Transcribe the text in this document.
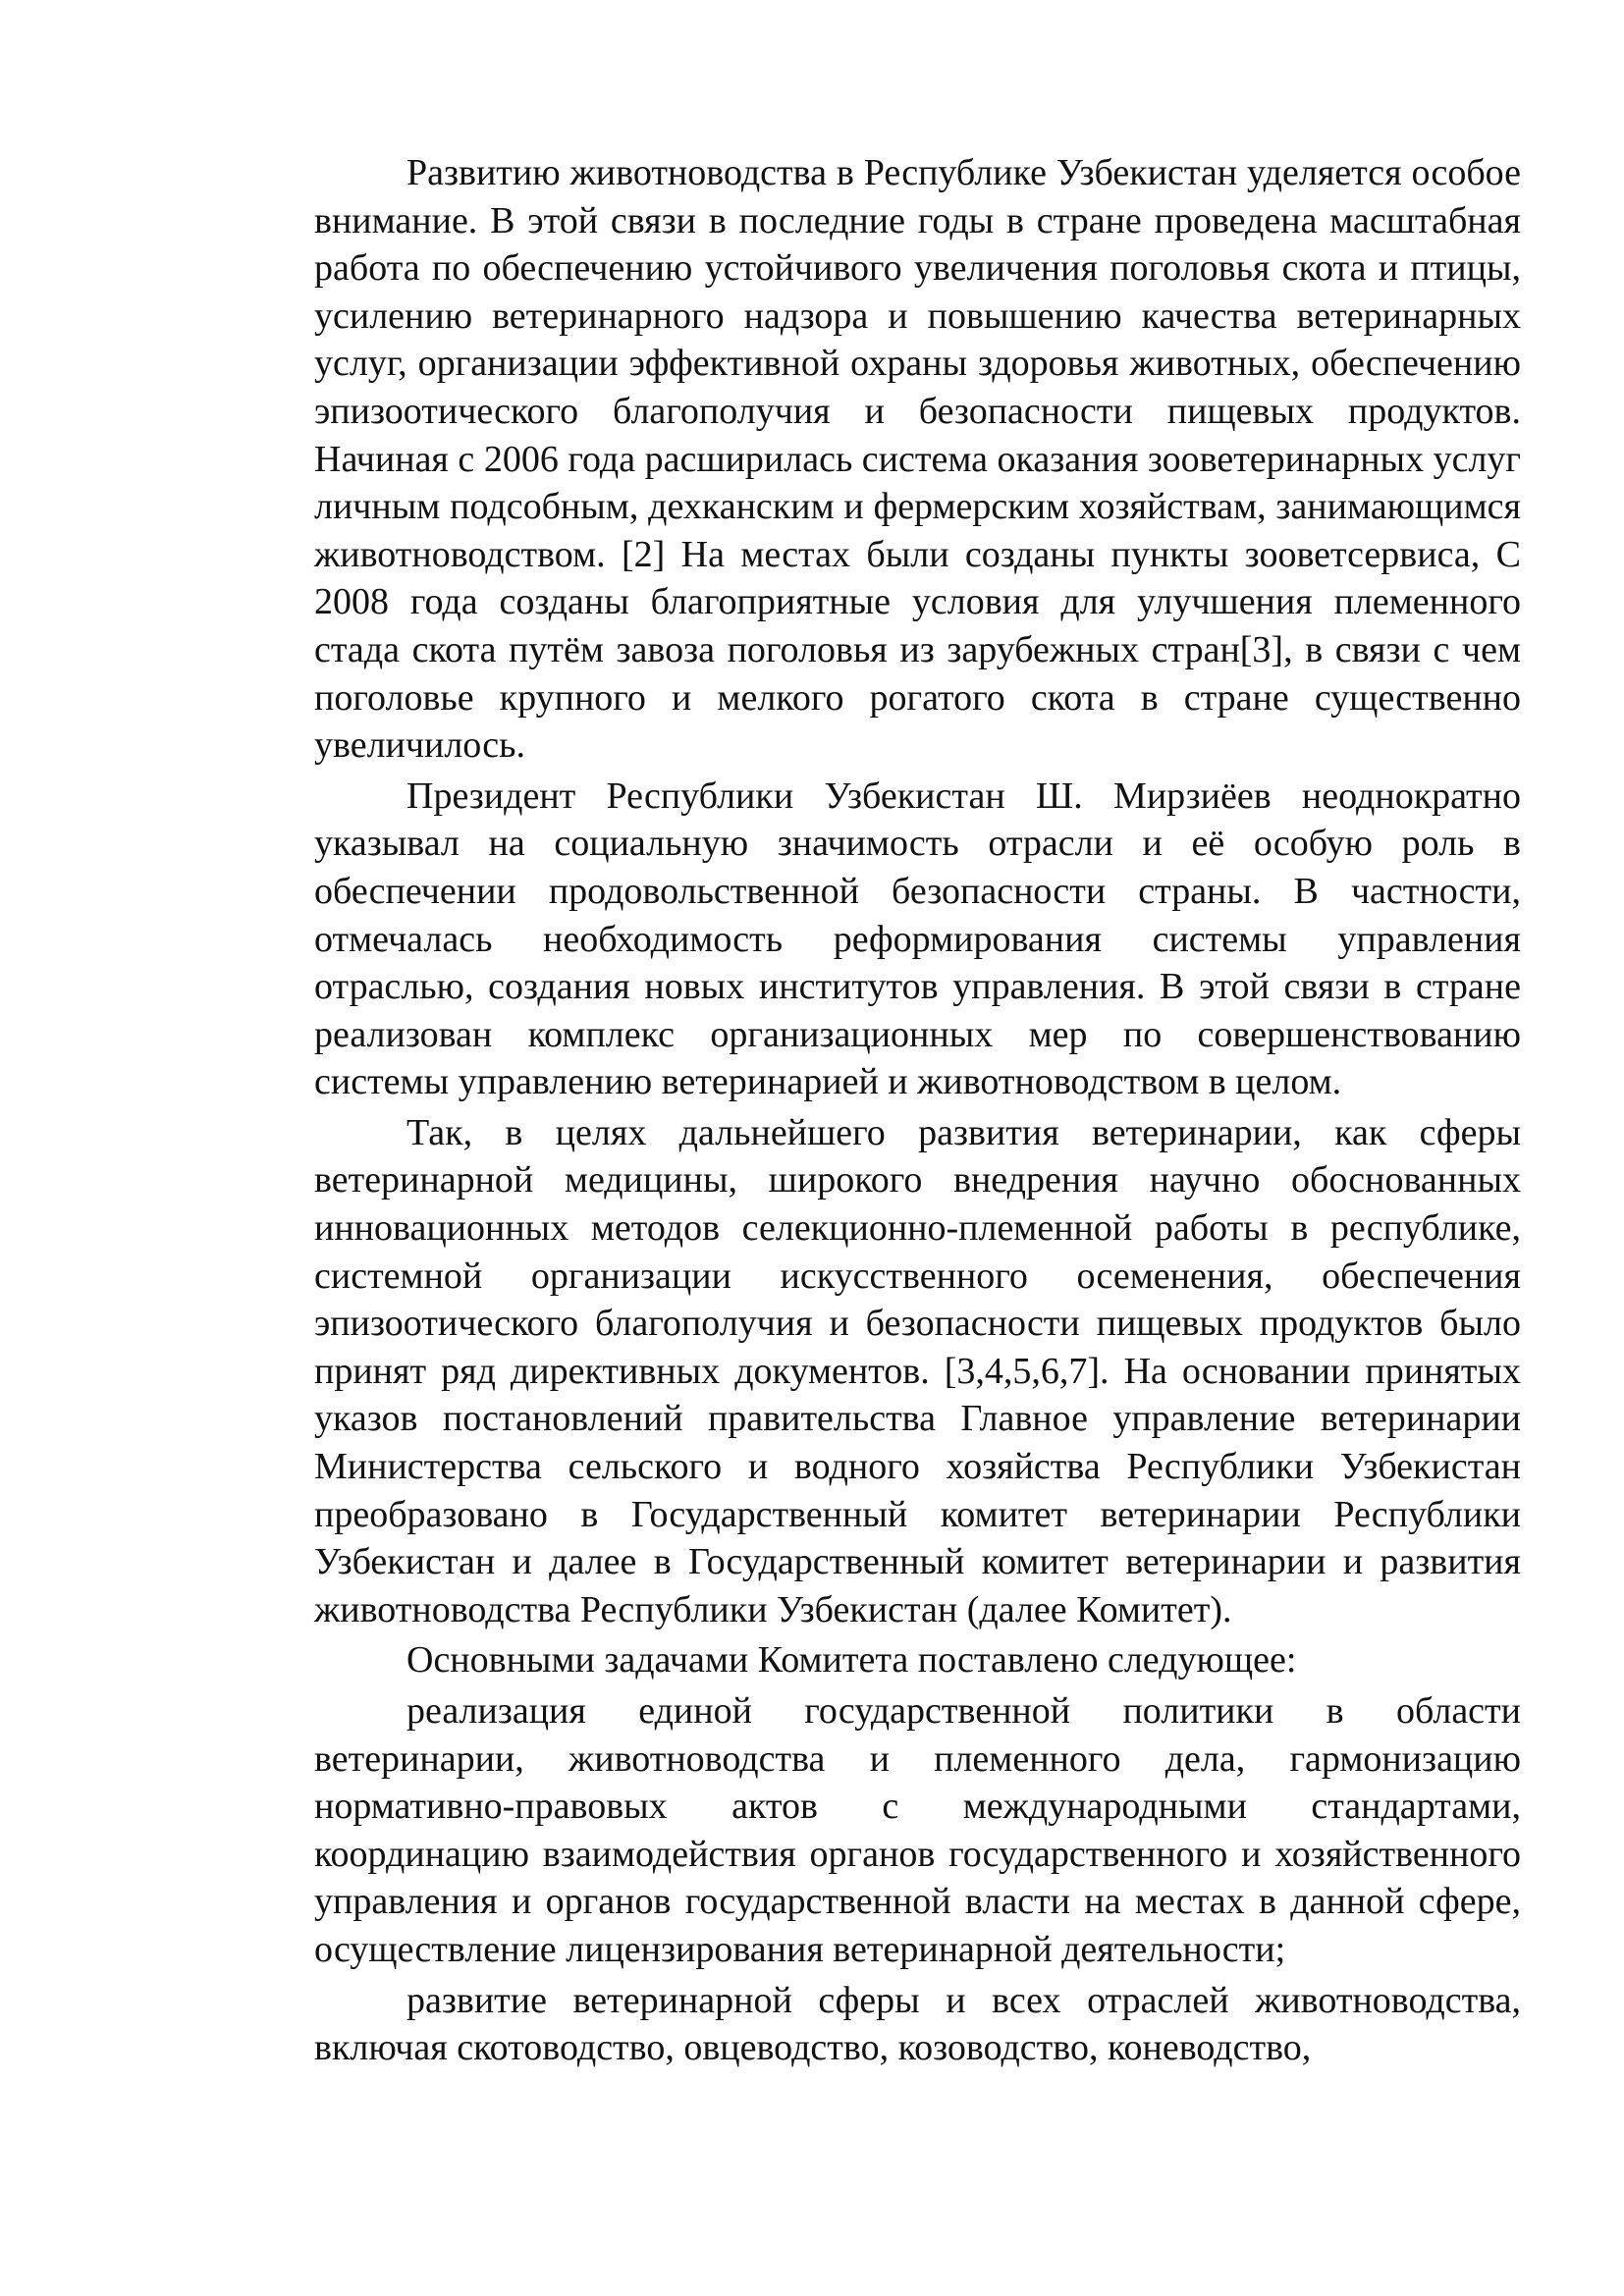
Развитию животноводства в Республике Узбекистан уделяется особое внимание. В этой связи в последние годы в стране проведена масштабная работа по обеспечению устойчивого увеличения поголовья скота и птицы, усилению ветеринарного надзора и повышению качества ветеринарных услуг, организации эффективной охраны здоровья животных, обеспечению эпизоотического благополучия и безопасности пищевых продуктов. Начиная с 2006 года расширилась система оказания зооветеринарных услуг личным подсобным, дехканским и фермерским хозяйствам, занимающимся животноводством. [2] На местах были созданы пункты зооветсервиса, С 2008 года созданы благоприятные условия для улучшения племенного стада скота путём завоза поголовья из зарубежных стран[3], в связи с чем поголовье крупного и мелкого рогатого скота в стране существенно увеличилось.

Президент Республики Узбекистан Ш. Мирзиёев неоднократно указывал на социальную значимость отрасли и её особую роль в обеспечении продовольственной безопасности страны. В частности, отмечалась необходимость реформирования системы управления отраслью, создания новых институтов управления. В этой связи в стране реализован комплекс организационных мер по совершенствованию системы управлению ветеринарией и животноводством в целом.

Так, в целях дальнейшего развития ветеринарии, как сферы ветеринарной медицины, широкого внедрения научно обоснованных инновационных методов селекционно-племенной работы в республике, системной организации искусственного осеменения, обеспечения эпизоотического благополучия и безопасности пищевых продуктов было принят ряд директивных документов. [3,4,5,6,7]. На основании принятых указов постановлений правительства Главное управление ветеринарии Министерства сельского и водного хозяйства Республики Узбекистан преобразовано в Государственный комитет ветеринарии Республики Узбекистан и далее в Государственный комитет ветеринарии и развития животноводства Республики Узбекистан (далее Комитет).

Основными задачами Комитета поставлено следующее:

реализация единой государственной политики в области ветеринарии, животноводства и племенного дела, гармонизацию нормативно-правовых актов с международными стандартами, координацию взаимодействия органов государственного и хозяйственного управления и органов государственной власти на местах в данной сфере, осуществление лицензирования ветеринарной деятельности;

развитие ветеринарной сферы и всех отраслей животноводства, включая скотоводство, овцеводство, козоводство, коневодство,
